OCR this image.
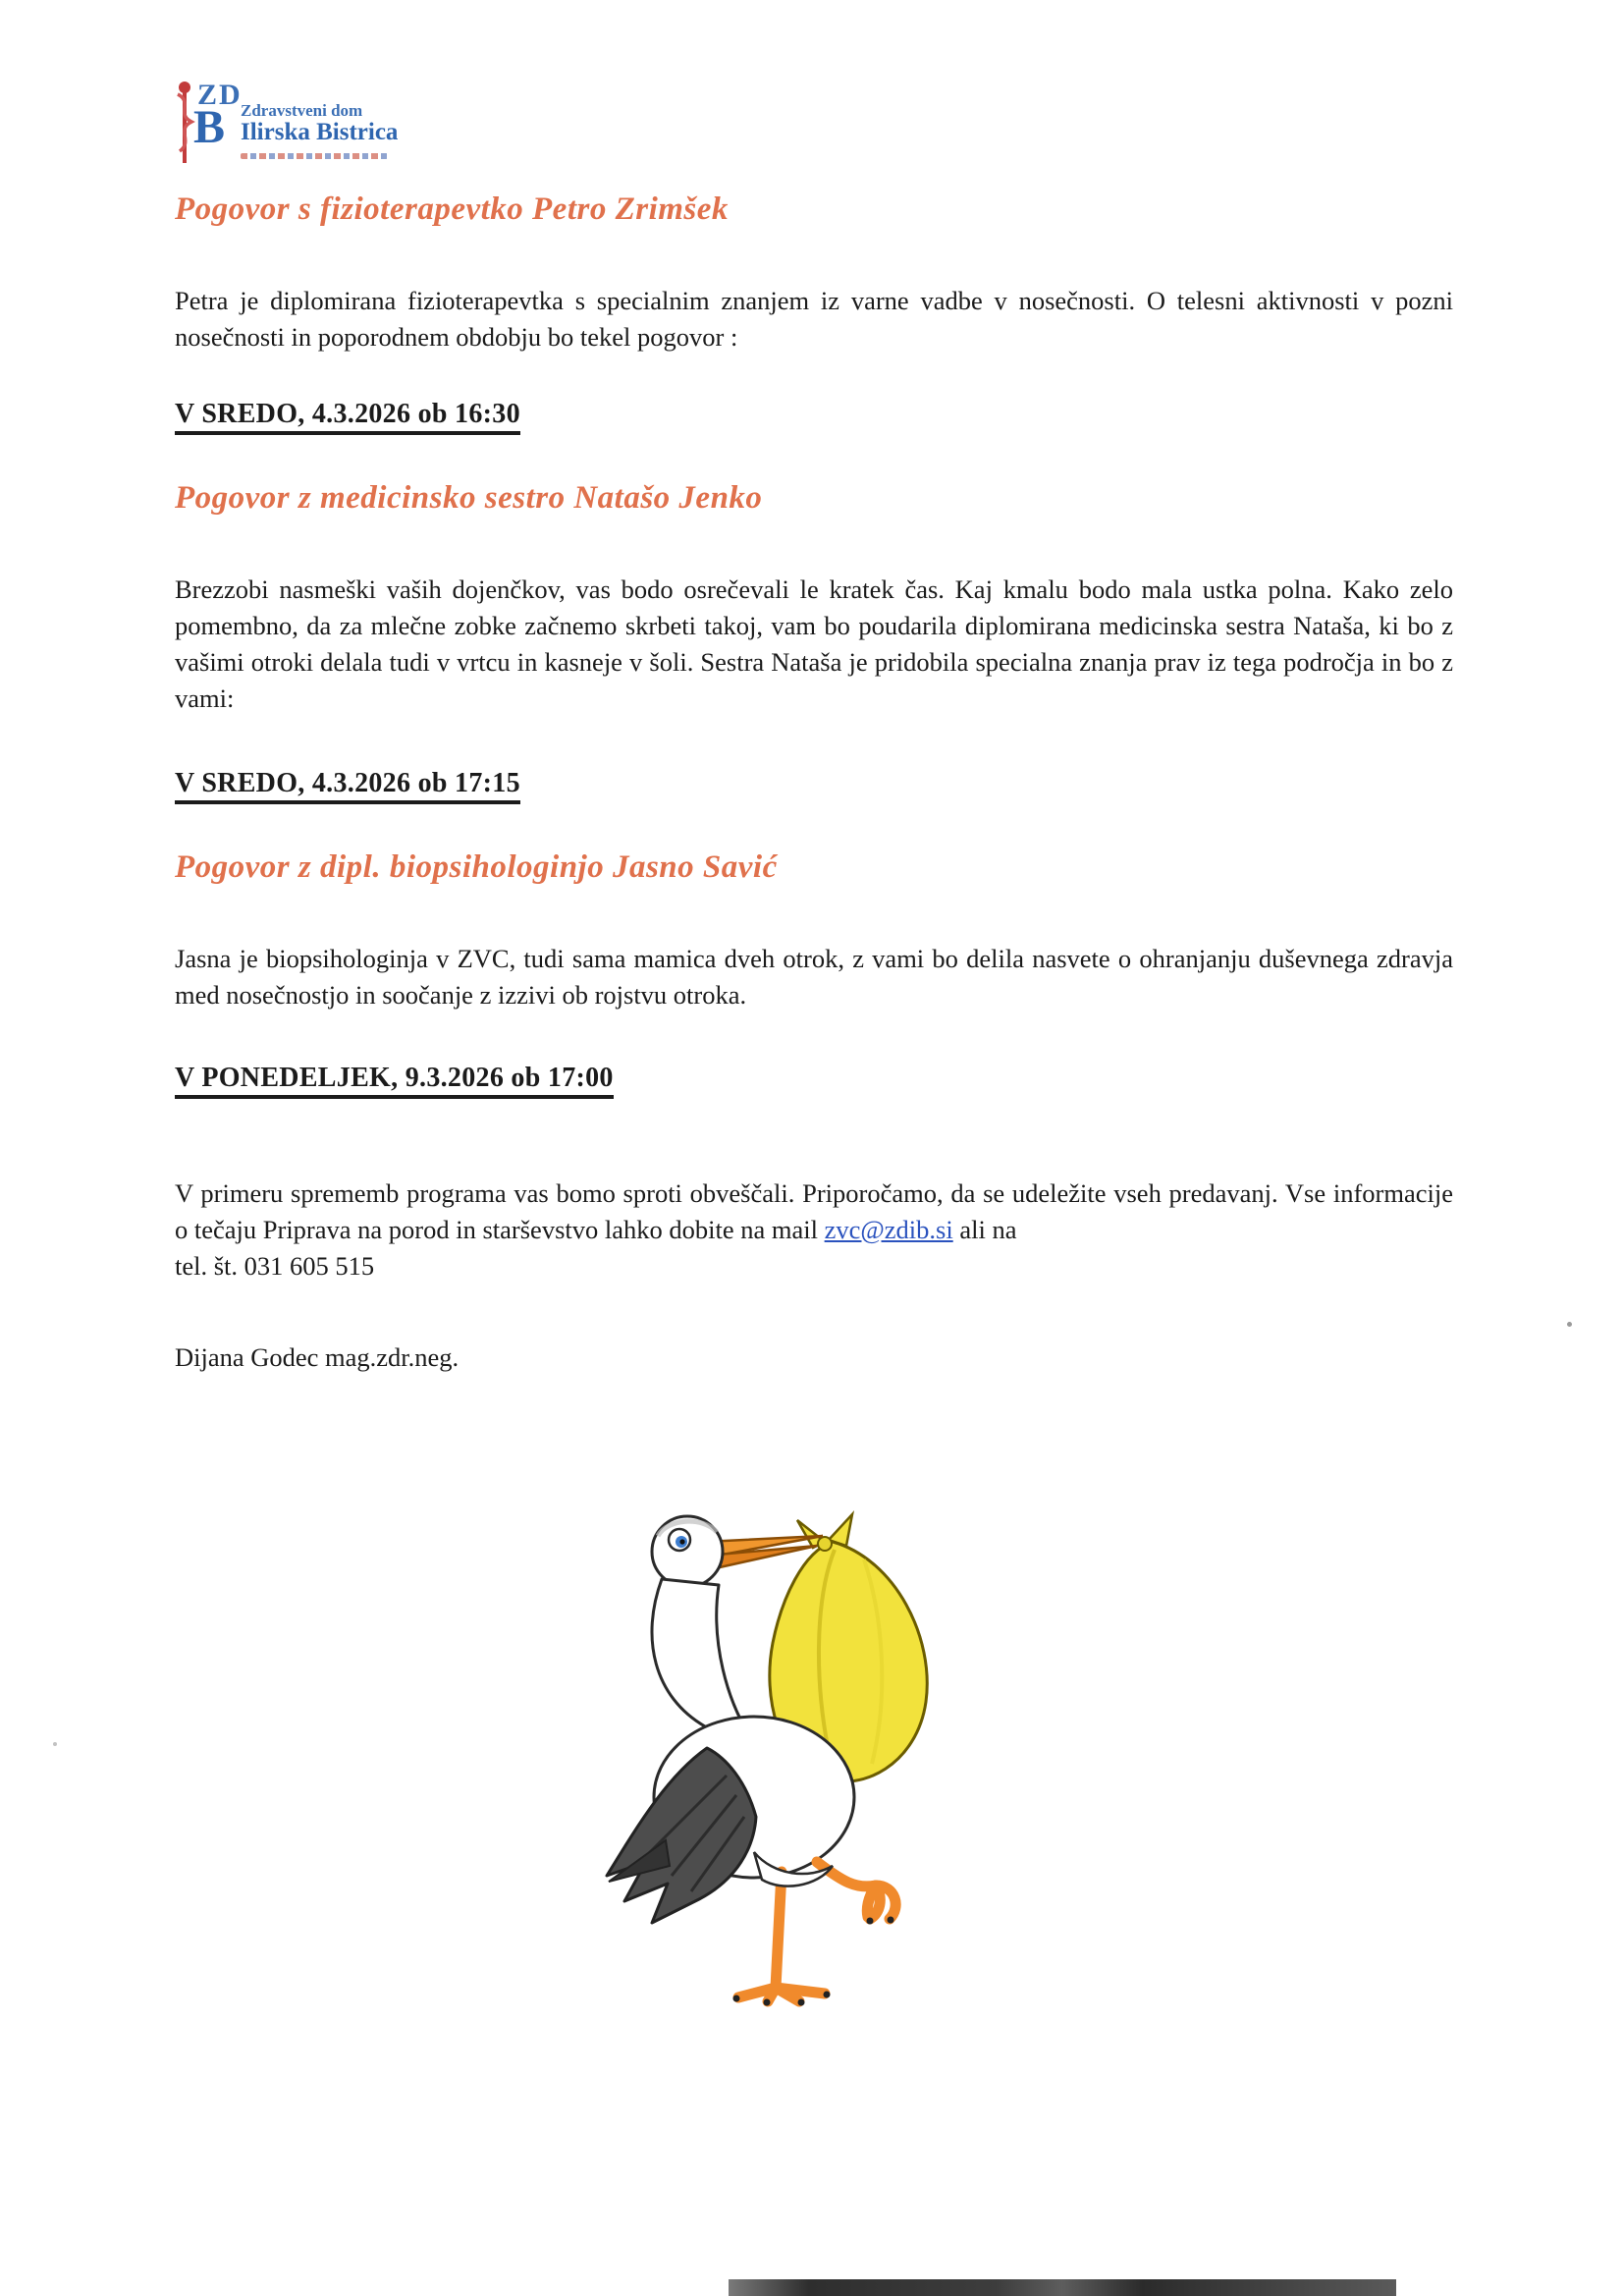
ZD
B Zdravstveni dom
Ilirska Bistrica
Pogovor s fizioterapevtko Petro Zrimšek
Petra je diplomirana fizioterapevtka s specialnim znanjem iz varne vadbe v nosečnosti. O telesni aktivnosti v pozni nosečnosti in poporodnem obdobju bo tekel pogovor :
V SREDO, 4.3.2026 ob 16:30
Pogovor z medicinsko sestro Natašo Jenko
Brezzobi nasmeški vaših dojenčkov, vas bodo osrečevali le kratek čas. Kaj kmalu bodo mala ustka polna. Kako zelo pomembno, da za mlečne zobke začnemo skrbeti takoj, vam bo poudarila diplomirana medicinska sestra Nataša, ki bo z vašimi otroki delala tudi v vrtcu in kasneje v šoli. Sestra Nataša je pridobila specialna znanja prav iz tega področja in bo z vami:
V SREDO, 4.3.2026 ob 17:15
Pogovor z dipl. biopsihologinjo Jasno Savić
Jasna je biopsihologinja v ZVC, tudi sama mamica dveh otrok, z vami bo delila nasvete o ohranjanju duševnega zdravja med nosečnostjo in soočanje z izzivi ob rojstvu otroka.
V PONEDELJEK, 9.3.2026 ob 17:00
V primeru sprememb programa vas bomo sproti obveščali. Priporočamo, da se udeležite vseh predavanj. Vse informacije o tečaju Priprava na porod in starševstvo lahko dobite na mail zvc@zdib.si ali na
tel. št. 031 605 515
Dijana Godec mag.zdr.neg.
